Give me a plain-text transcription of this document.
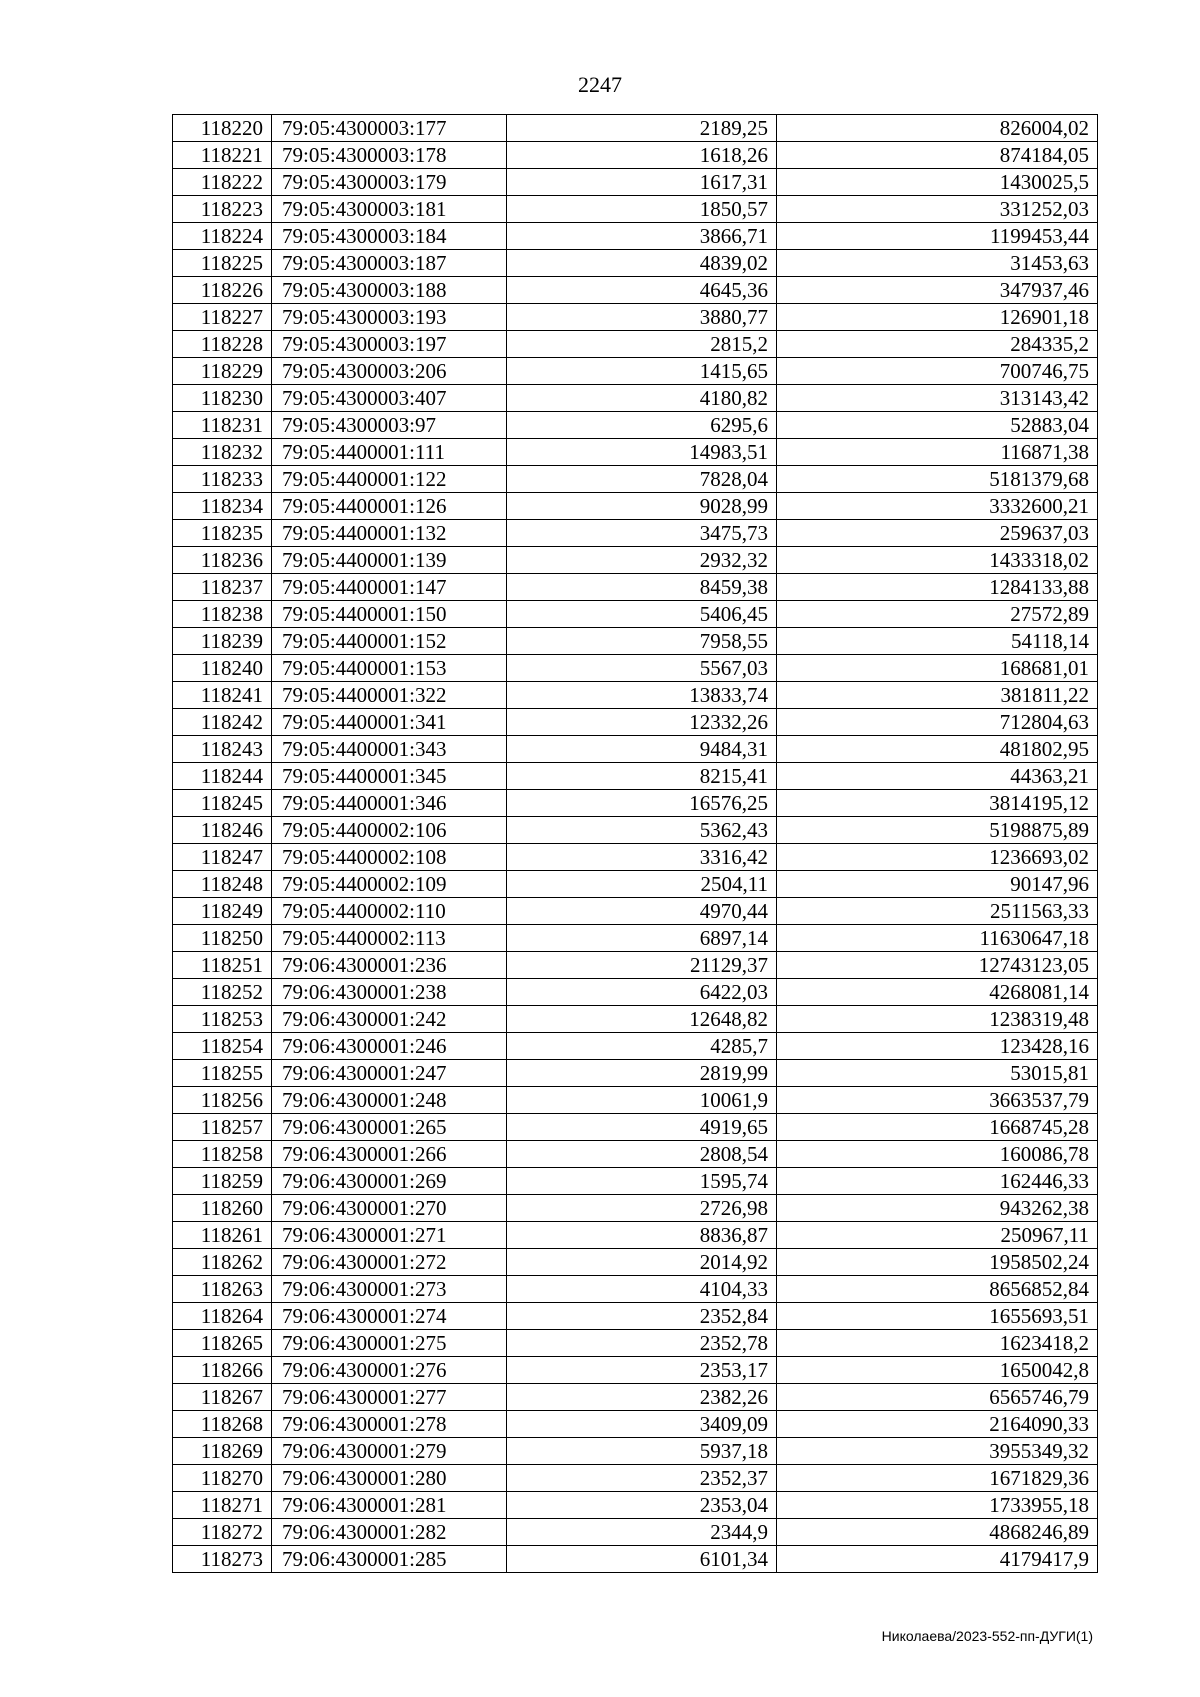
2247
118220	79:05:4300003:177	2189,25	826004,02
118221	79:05:4300003:178	1618,26	874184,05
118222	79:05:4300003:179	1617,31	1430025,5
118223	79:05:4300003:181	1850,57	331252,03
118224	79:05:4300003:184	3866,71	1199453,44
118225	79:05:4300003:187	4839,02	31453,63
118226	79:05:4300003:188	4645,36	347937,46
118227	79:05:4300003:193	3880,77	126901,18
118228	79:05:4300003:197	2815,2	284335,2
118229	79:05:4300003:206	1415,65	700746,75
118230	79:05:4300003:407	4180,82	313143,42
118231	79:05:4300003:97	6295,6	52883,04
118232	79:05:4400001:111	14983,51	116871,38
118233	79:05:4400001:122	7828,04	5181379,68
118234	79:05:4400001:126	9028,99	3332600,21
118235	79:05:4400001:132	3475,73	259637,03
118236	79:05:4400001:139	2932,32	1433318,02
118237	79:05:4400001:147	8459,38	1284133,88
118238	79:05:4400001:150	5406,45	27572,89
118239	79:05:4400001:152	7958,55	54118,14
118240	79:05:4400001:153	5567,03	168681,01
118241	79:05:4400001:322	13833,74	381811,22
118242	79:05:4400001:341	12332,26	712804,63
118243	79:05:4400001:343	9484,31	481802,95
118244	79:05:4400001:345	8215,41	44363,21
118245	79:05:4400001:346	16576,25	3814195,12
118246	79:05:4400002:106	5362,43	5198875,89
118247	79:05:4400002:108	3316,42	1236693,02
118248	79:05:4400002:109	2504,11	90147,96
118249	79:05:4400002:110	4970,44	2511563,33
118250	79:05:4400002:113	6897,14	11630647,18
118251	79:06:4300001:236	21129,37	12743123,05
118252	79:06:4300001:238	6422,03	4268081,14
118253	79:06:4300001:242	12648,82	1238319,48
118254	79:06:4300001:246	4285,7	123428,16
118255	79:06:4300001:247	2819,99	53015,81
118256	79:06:4300001:248	10061,9	3663537,79
118257	79:06:4300001:265	4919,65	1668745,28
118258	79:06:4300001:266	2808,54	160086,78
118259	79:06:4300001:269	1595,74	162446,33
118260	79:06:4300001:270	2726,98	943262,38
118261	79:06:4300001:271	8836,87	250967,11
118262	79:06:4300001:272	2014,92	1958502,24
118263	79:06:4300001:273	4104,33	8656852,84
118264	79:06:4300001:274	2352,84	1655693,51
118265	79:06:4300001:275	2352,78	1623418,2
118266	79:06:4300001:276	2353,17	1650042,8
118267	79:06:4300001:277	2382,26	6565746,79
118268	79:06:4300001:278	3409,09	2164090,33
118269	79:06:4300001:279	5937,18	3955349,32
118270	79:06:4300001:280	2352,37	1671829,36
118271	79:06:4300001:281	2353,04	1733955,18
118272	79:06:4300001:282	2344,9	4868246,89
118273	79:06:4300001:285	6101,34	4179417,9
Николаева/2023-552-пп-ДУГИ(1)
